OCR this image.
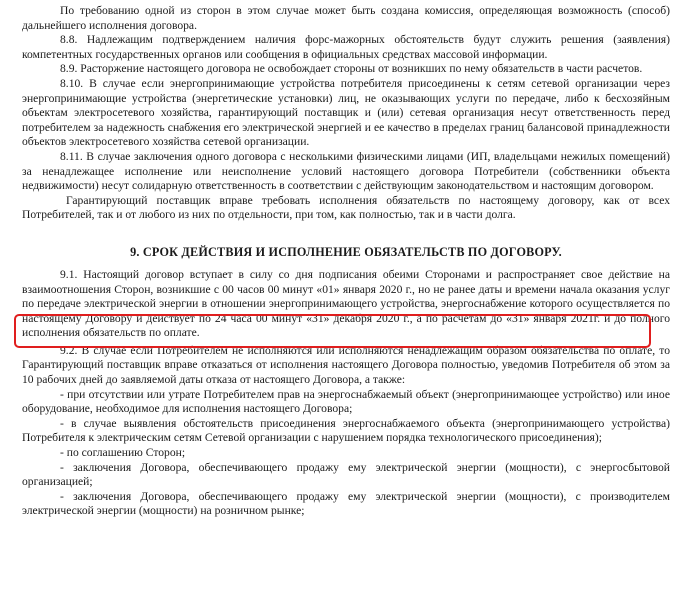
По требованию одной из сторон в этом случае может быть создана комиссия, определяющая возможность (способ) дальнейшего исполнения договора.

8.8. Надлежащим подтверждением наличия форс-мажорных обстоятельств будут служить решения (заявления) компетентных государственных органов или сообщения в официальных средствах массовой информации.

8.9. Расторжение настоящего договора не освобождает стороны от возникших по нему обязательств в части расчетов.

8.10. В случае если энергопринимающие устройства потребителя присоединены к сетям сетевой организации через энергопринимающие устройства (энергетические установки) лиц, не оказывающих услуги по передаче, либо к бесхозяйным объектам электросетевого хозяйства, гарантирующий поставщик и (или) сетевая организация несут ответственность перед потребителем за надежность снабжения его электрической энергией и ее качество в пределах границ балансовой принадлежности объектов электросетевого хозяйства сетевой организации.

8.11. В случае заключения одного договора с несколькими физическими лицами (ИП, владельцами нежилых помещений) за ненадлежащее исполнение или неисполнение условий настоящего договора Потребители (собственники объекта недвижимости) несут солидарную ответственность в соответствии с действующим законодательством и настоящим договором.

Гарантирующий поставщик вправе требовать исполнения обязательств по настоящему договору, как от всех Потребителей, так и от любого из них по отдельности, при том, как полностью, так и в части долга.

9. СРОК ДЕЙСТВИЯ И ИСПОЛНЕНИЕ ОБЯЗАТЕЛЬСТВ ПО ДОГОВОРУ.

9.1. Настоящий договор вступает в силу со дня подписания обеими Сторонами и распространяет свое действие на взаимоотношения Сторон, возникшие с 00 часов 00 минут «01» января 2020 г., но не ранее даты и времени начала оказания услуг по передаче электрической энергии в отношении энергопринимающего устройства, энергоснабжение которого осуществляется по настоящему Договору и действует по 24 часа 00 минут «31» декабря 2020 г., а по расчетам до «31» января 2021г. и до полного исполнения обязательств по оплате.

9.2. В случае если Потребителем не исполняются или исполняются ненадлежащим образом обязательства по оплате, то Гарантирующий поставщик вправе отказаться от исполнения настоящего Договора полностью, уведомив Потребителя об этом за 10 рабочих дней до заявляемой даты отказа от настоящего Договора, а также:

- при отсутствии или утрате Потребителем прав на энергоснабжаемый объект (энергопринимающее устройство) или иное оборудование, необходимое для исполнения настоящего Договора;

- в случае выявления обстоятельств присоединения энергоснабжаемого объекта (энергопринимающего устройства) Потребителя к электрическим сетям Сетевой организации с нарушением порядка технологического присоединения);

- по соглашению Сторон;

- заключения Договора, обеспечивающего продажу ему электрической энергии (мощности), с энергосбытовой организацией;

- заключения Договора, обеспечивающего продажу ему электрической энергии (мощности), с производителем электрической энергии (мощности) на розничном рынке;
